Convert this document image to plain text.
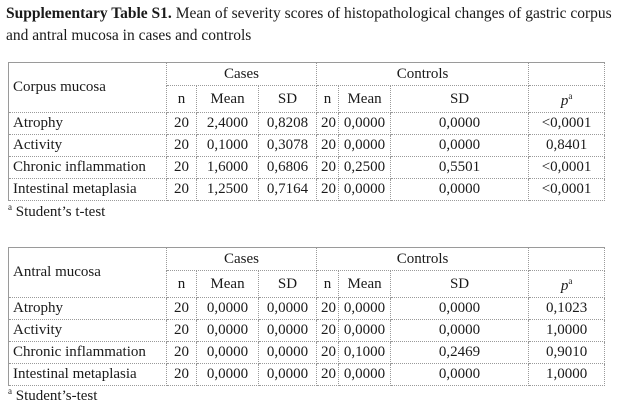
Supplementary Table S1. Mean of severity scores of histopathological changes of gastric corpus and antral mucosa in cases and controls
Corpus mucosa	Cases			Controls			
	n	Mean	SD	n	Mean	SD	$p^a$
Atrophy	20	2,4000	0,8208	20	0,0000	0,0000	<0,0001
Activity	20	0,1000	0,3078	20	0,0000	0,0000	0,8401
Chronic inflammation	20	1,6000	0,6806	20	0,2500	0,5501	<0,0001
Intestinal metaplasia	20	1,2500	0,7164	20	0,0000	0,0000	<0,0001
$^a$ Student’s t-test
Antral mucosa	Cases			Controls			
	n	Mean	SD	n	Mean	SD	$p^a$
Atrophy	20	0,0000	0,0000	20	0,0000	0,0000	0,1023
Activity	20	0,0000	0,0000	20	0,0000	0,0000	1,0000
Chronic inflammation	20	0,0000	0,0000	20	0,1000	0,2469	0,9010
Intestinal metaplasia	20	0,0000	0,0000	20	0,0000	0,0000	1,0000
$^a$ Student’s-test
